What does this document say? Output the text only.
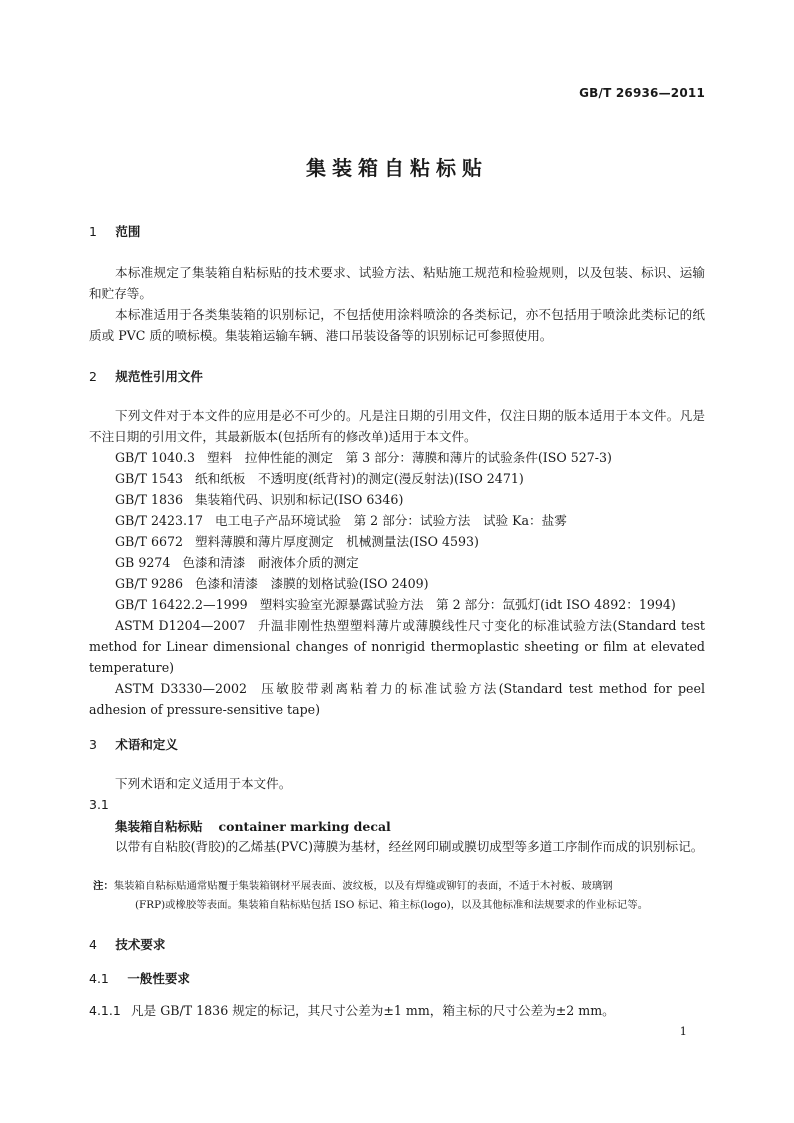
GB/T 26936—2011
集装箱自粘标贴
1 范围
本标准规定了集装箱自粘标贴的技术要求、试验方法、粘贴施工规范和检验规则，以及包装、标识、运输和贮存等。
本标准适用于各类集装箱的识别标记，不包括使用涂料喷涂的各类标记，亦不包括用于喷涂此类标记的纸质或 PVC 质的喷标模。集装箱运输车辆、港口吊装设备等的识别标记可参照使用。
2 规范性引用文件
下列文件对于本文件的应用是必不可少的。凡是注日期的引用文件，仅注日期的版本适用于本文件。凡是不注日期的引用文件，其最新版本(包括所有的修改单)适用于本文件。
GB/T 1040.3 塑料　拉伸性能的测定　第 3 部分：薄膜和薄片的试验条件(ISO 527-3)
GB/T 1543 纸和纸板　不透明度(纸背衬)的测定(漫反射法)(ISO 2471)
GB/T 1836 集装箱代码、识别和标记(ISO 6346)
GB/T 2423.17 电工电子产品环境试验　第 2 部分：试验方法　试验 Ka：盐雾
GB/T 6672 塑料薄膜和薄片厚度测定　机械测量法(ISO 4593)
GB 9274 色漆和清漆　耐液体介质的测定
GB/T 9286 色漆和清漆　漆膜的划格试验(ISO 2409)
GB/T 16422.2—1999 塑料实验室光源暴露试验方法　第 2 部分：氙弧灯(idt ISO 4892：1994)
ASTM D1204—2007 升温非刚性热塑塑料薄片或薄膜线性尺寸变化的标准试验方法(Standard test method for Linear dimensional changes of nonrigid thermoplastic sheeting or film at elevated temperature)
ASTM D3330—2002 压敏胶带剥离粘着力的标准试验方法(Standard test method for peel adhesion of pressure-sensitive tape)
3 术语和定义
下列术语和定义适用于本文件。
3.1
集装箱自粘标贴 container marking decal
以带有自粘胶(背胶)的乙烯基(PVC)薄膜为基材，经丝网印刷或膜切成型等多道工序制作而成的识别标记。
注：集装箱自粘标贴通常贴覆于集装箱钢材平展表面、波纹板，以及有焊缝或铆钉的表面，不适于木衬板、玻璃钢
(FRP)或橡胶等表面。集装箱自粘标贴包括 ISO 标记、箱主标(logo)，以及其他标准和法规要求的作业标记等。
4 技术要求
4.1 一般性要求
4.1.1 凡是 GB/T 1836 规定的标记，其尺寸公差为±1 mm，箱主标的尺寸公差为±2 mm。
1
